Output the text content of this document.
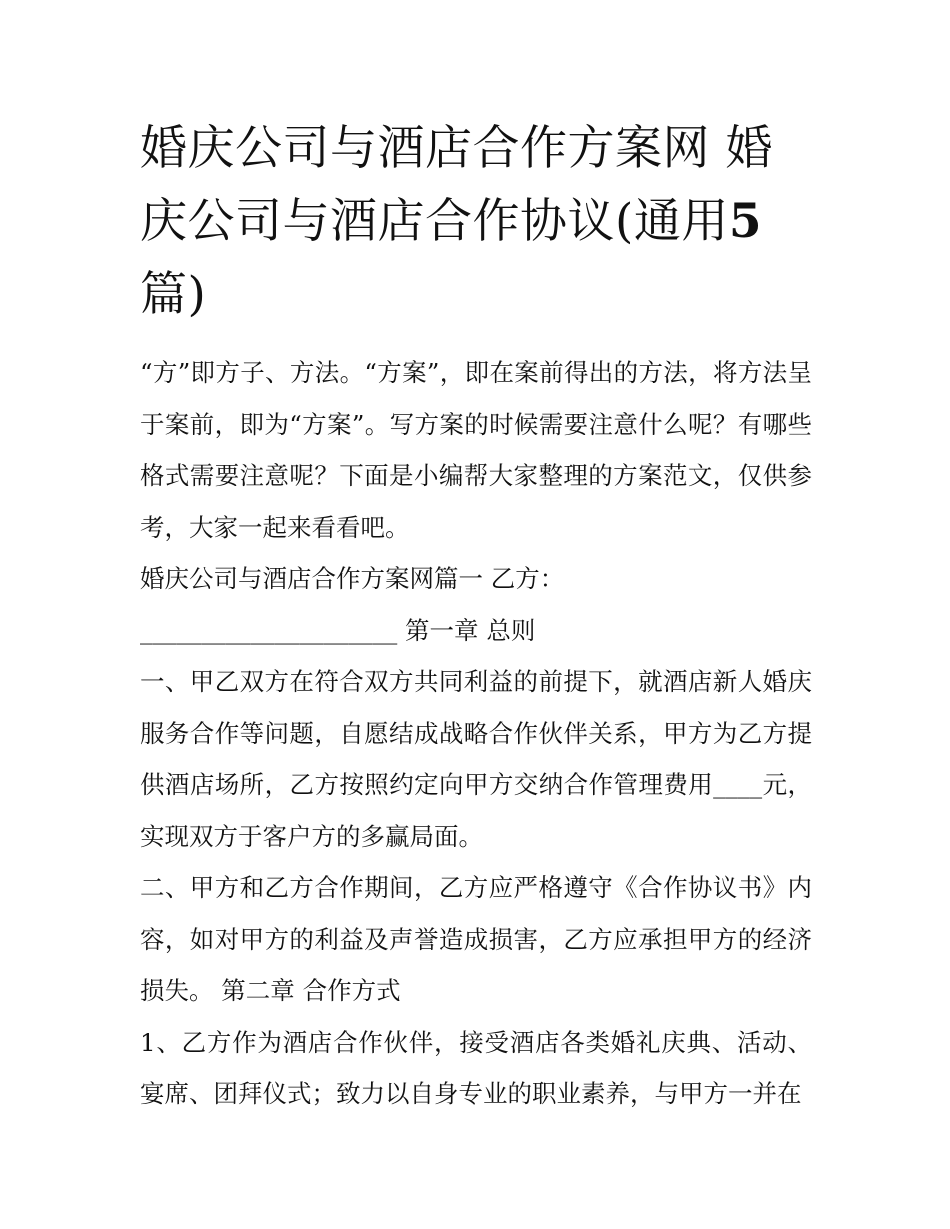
婚庆公司与酒店合作方案网 婚庆公司与酒店合作协议(通用5篇)

“方”即方子、方法。“方案”，即在案前得出的方法，将方法呈于案前，即为“方案”。写方案的时候需要注意什么呢？有哪些格式需要注意呢？下面是小编帮大家整理的方案范文，仅供参考，大家一起来看看吧。

婚庆公司与酒店合作方案网篇一 乙方：

_____________________ 第一章 总则

一、甲乙双方在符合双方共同利益的前提下，就酒店新人婚庆服务合作等问题，自愿结成战略合作伙伴关系，甲方为乙方提供酒店场所，乙方按照约定向甲方交纳合作管理费用____元，实现双方于客户方的多赢局面。

二、甲方和乙方合作期间，乙方应严格遵守《合作协议书》内容，如对甲方的利益及声誉造成损害，乙方应承担甲方的经济损失。 第二章 合作方式

1、乙方作为酒店合作伙伴，接受酒店各类婚礼庆典、活动、宴席、团拜仪式；致力以自身专业的职业素养，与甲方一并在
